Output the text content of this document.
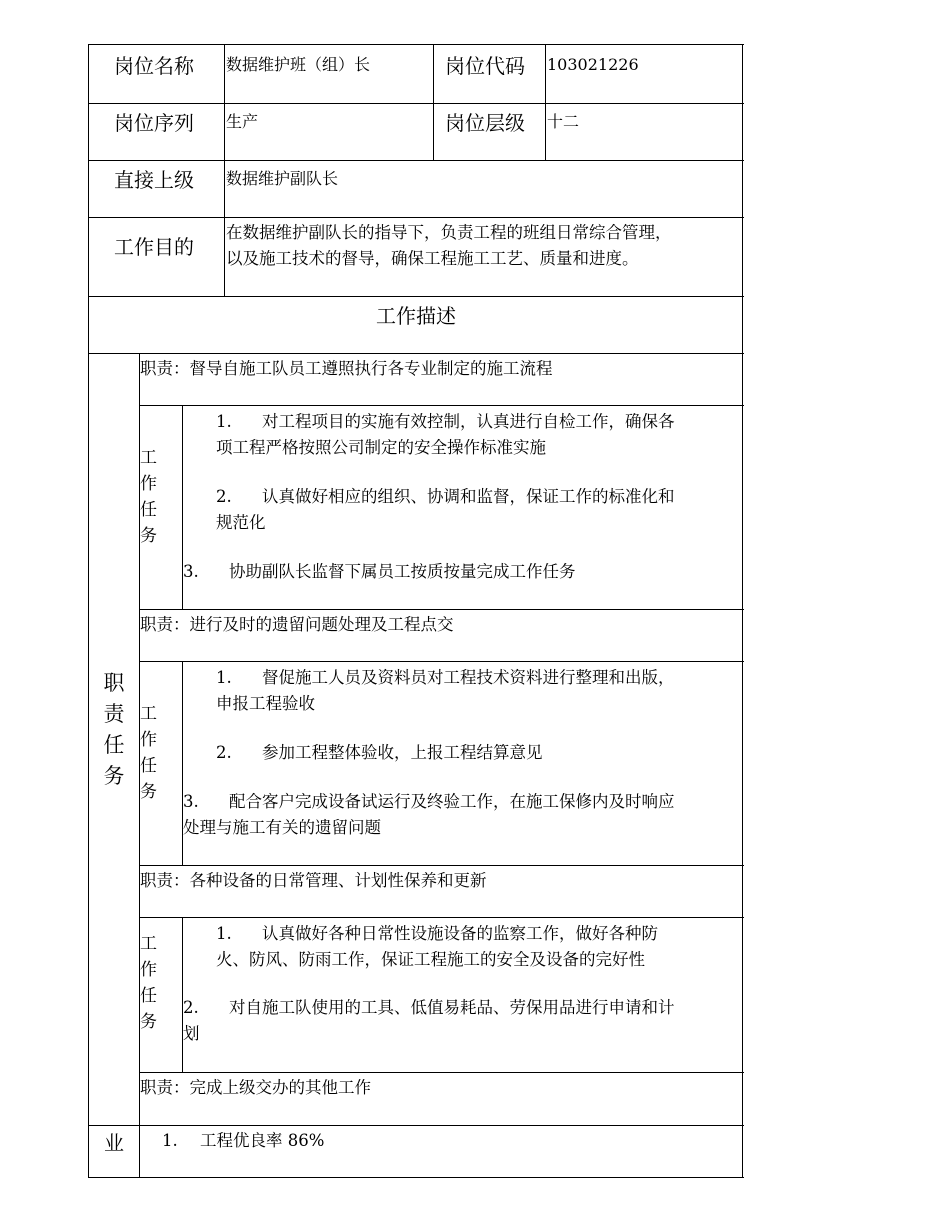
岗位名称 数据维护班（组）长	岗位代码 103021226
岗位序列 生产	岗位层级 十二
直接上级 数据维护副队长
工作目的
在数据维护副队长的指导下，负责工程的班组日常综合管理，
以及施工技术的督导，确保工程施工工艺、质量和进度。
工作描述
职
责
任
务
职责：督导自施工队员工遵照执行各专业制定的施工流程
工
作
任
务
1. 对工程项目的实施有效控制，认真进行自检工作，确保各
项工程严格按照公司制定的安全操作标准实施
2. 认真做好相应的组织、协调和监督，保证工作的标准化和
规范化
3. 协助副队长监督下属员工按质按量完成工作任务
职责：进行及时的遗留问题处理及工程点交
工
作
任
务
1. 督促施工人员及资料员对工程技术资料进行整理和出版，
申报工程验收
2. 参加工程整体验收，上报工程结算意见
3. 配合客户完成设备试运行及终验工作，在施工保修内及时响应
处理与施工有关的遗留问题
职责：各种设备的日常管理、计划性保养和更新
工
作
任
务
1. 认真做好各种日常性设施设备的监察工作，做好各种防
火、防风、防雨工作，保证工程施工的安全及设备的完好性
2. 对自施工队使用的工具、低值易耗品、劳保用品进行申请和计
划
职责：完成上级交办的其他工作
业 1. 工程优良率 86%
